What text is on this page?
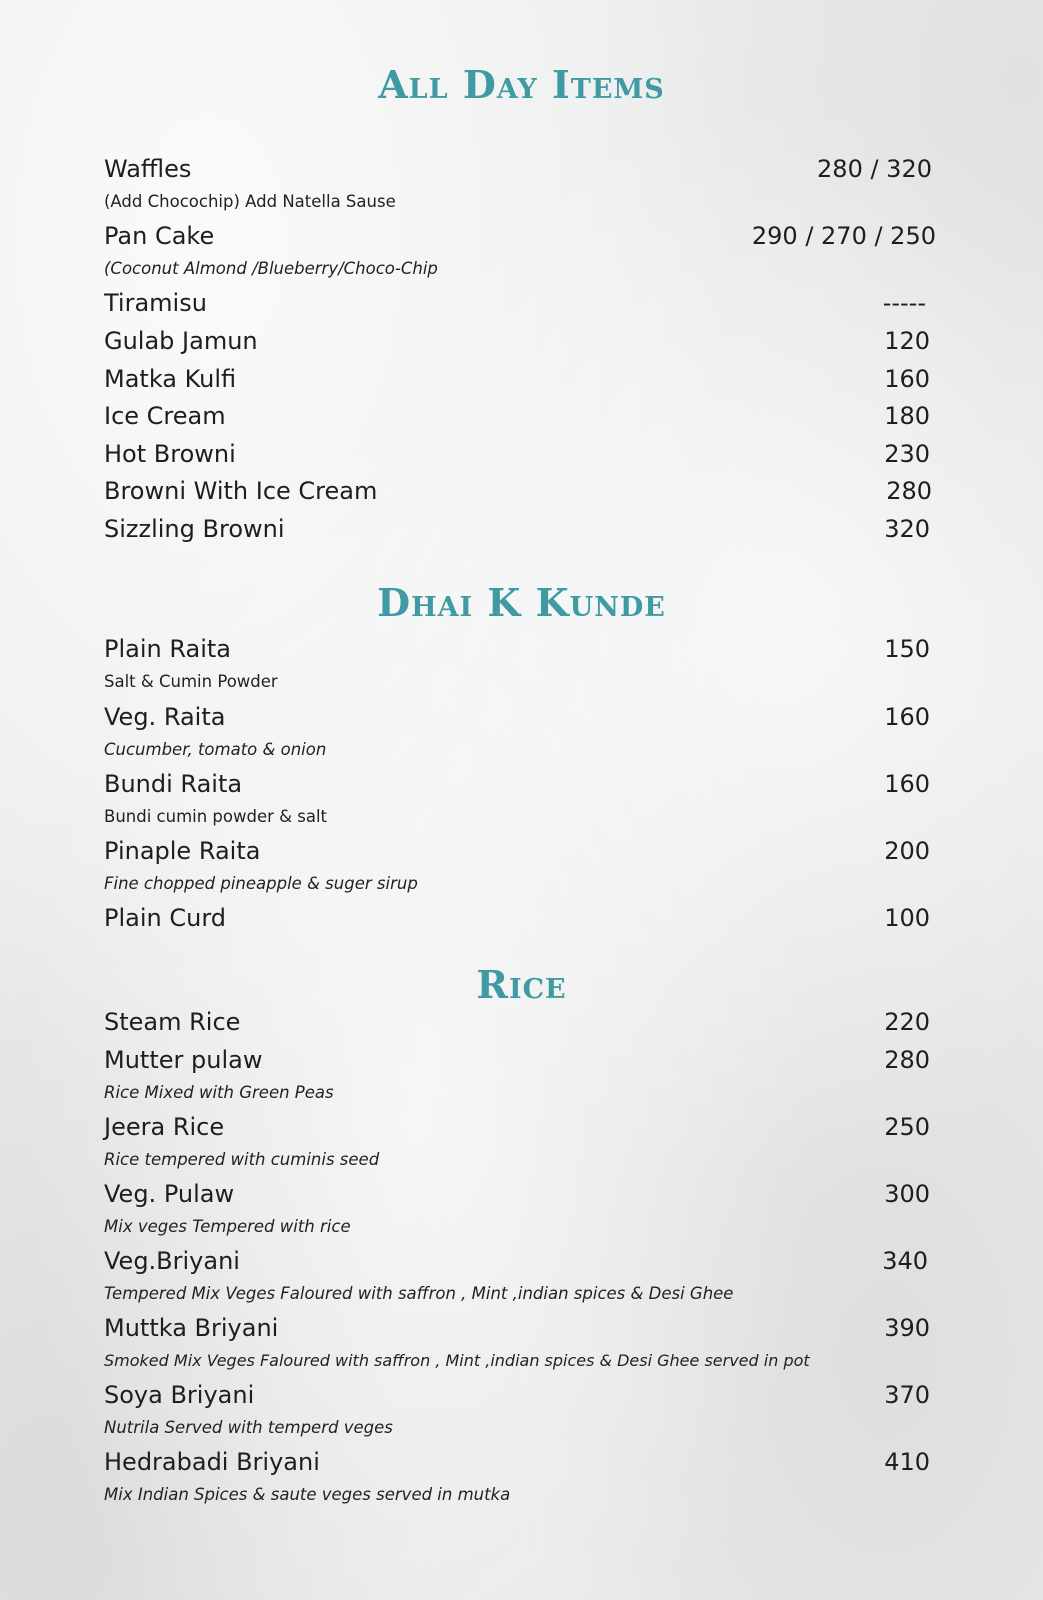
All Day Items
Waffles	280 / 320
(Add Chocochip) Add Natella Sause
Pan Cake	290 / 270 / 250
(Coconut Almond /Blueberry/Choco-Chip
Tiramisu	-----
Gulab Jamun	120
Matka Kulfi	160
Ice Cream	180
Hot Browni	230
Browni With Ice Cream	280
Sizzling Browni	320
Dhai K Kunde
Plain Raita	150
Salt & Cumin Powder
Veg. Raita	160
Cucumber, tomato & onion
Bundi Raita	160
Bundi cumin powder & salt
Pinaple Raita	200
Fine chopped pineapple & suger sirup
Plain Curd	100
Rice
Steam Rice	220
Mutter pulaw	280
Rice Mixed with Green Peas
Jeera Rice	250
Rice tempered with cuminis seed
Veg. Pulaw	300
Mix veges Tempered with rice
Veg.Briyani	340
Tempered Mix Veges Faloured with saffron , Mint ,indian spices & Desi Ghee
Muttka Briyani	390
Smoked Mix Veges Faloured with saffron , Mint ,indian spices & Desi Ghee served in pot
Soya Briyani	370
Nutrila Served with temperd veges
Hedrabadi Briyani	410
Mix Indian Spices & saute veges served in mutka
